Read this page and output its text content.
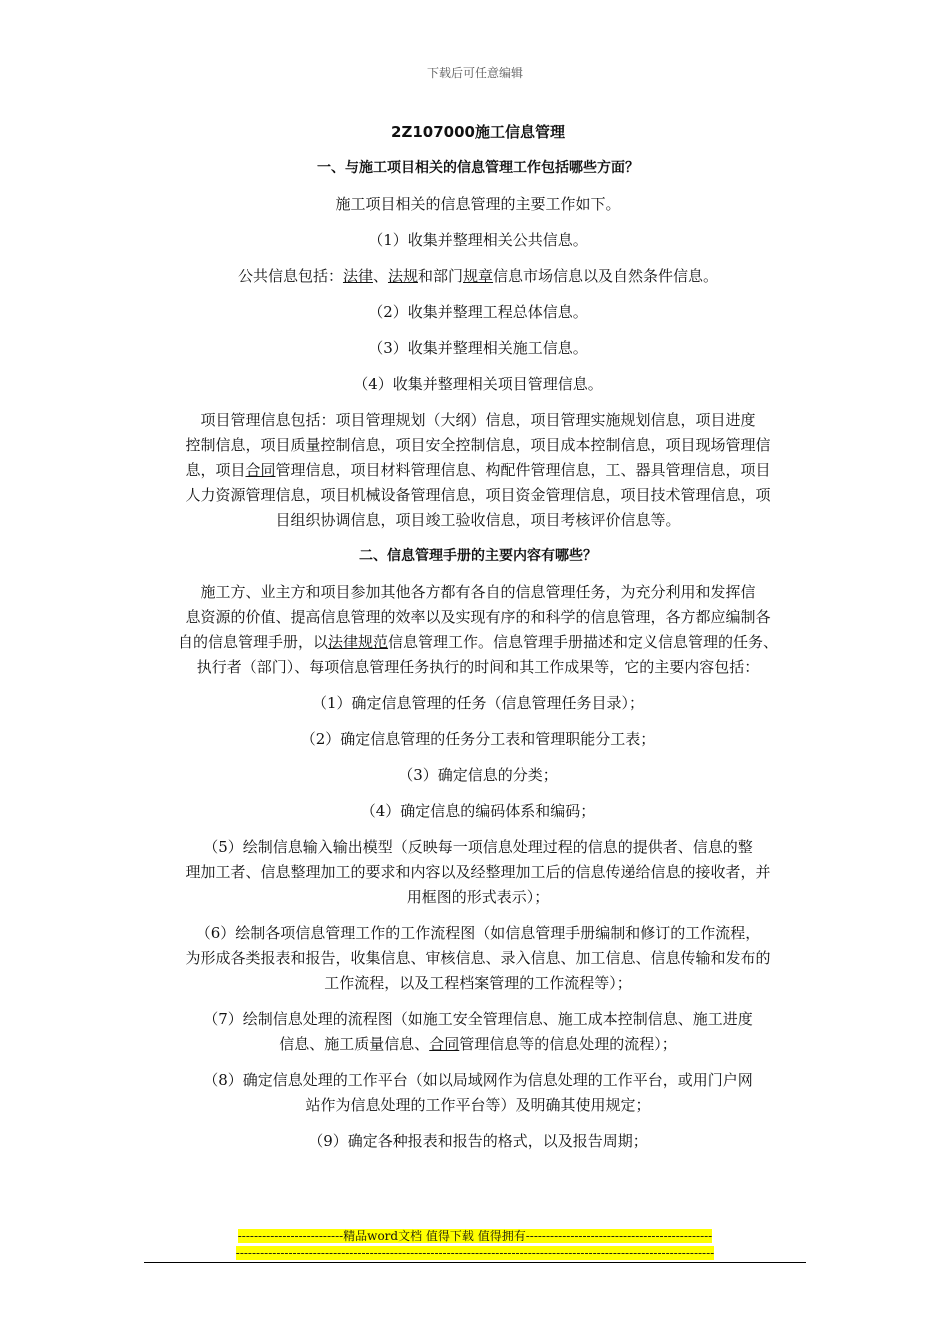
下载后可任意编辑

2Z107000施工信息管理

一、与施工项目相关的信息管理工作包括哪些方面？

施工项目相关的信息管理的主要工作如下。

（1）收集并整理相关公共信息。

公共信息包括：法律、法规和部门规章信息市场信息以及自然条件信息。

（2）收集并整理工程总体信息。

（3）收集并整理相关施工信息。

（4）收集并整理相关项目管理信息。

项目管理信息包括：项目管理规划（大纲）信息，项目管理实施规划信息，项目进度

控制信息，项目质量控制信息，项目安全控制信息，项目成本控制信息，项目现场管理信

息，项目合同管理信息，项目材料管理信息、构配件管理信息，工、器具管理信息，项目

人力资源管理信息，项目机械设备管理信息，项目资金管理信息，项目技术管理信息，项

目组织协调信息，项目竣工验收信息，项目考核评价信息等。

二、信息管理手册的主要内容有哪些？

施工方、业主方和项目参加其他各方都有各自的信息管理任务，为充分利用和发挥信

息资源的价值、提高信息管理的效率以及实现有序的和科学的信息管理，各方都应编制各

自的信息管理手册，以法律规范信息管理工作。信息管理手册描述和定义信息管理的任务、

执行者（部门）、每项信息管理任务执行的时间和其工作成果等，它的主要内容包括：

（1）确定信息管理的任务（信息管理任务目录）；

（2）确定信息管理的任务分工表和管理职能分工表；

（3）确定信息的分类；

（4）确定信息的编码体系和编码；

（5）绘制信息输入输出模型（反映每一项信息处理过程的信息的提供者、信息的整

理加工者、信息整理加工的要求和内容以及经整理加工后的信息传递给信息的接收者，并

用框图的形式表示）；

（6）绘制各项信息管理工作的工作流程图（如信息管理手册编制和修订的工作流程，

为形成各类报表和报告，收集信息、审核信息、录入信息、加工信息、信息传输和发布的

工作流程，以及工程档案管理的工作流程等）；

（7）绘制信息处理的流程图（如施工安全管理信息、施工成本控制信息、施工进度

信息、施工质量信息、合同管理信息等的信息处理的流程）；

（8）确定信息处理的工作平台（如以局域网作为信息处理的工作平台，或用门户网

站作为信息处理的工作平台等）及明确其使用规定；

（9）确定各种报表和报告的格式，以及报告周期；

--------------------------精品word文档 值得下载 值得拥有----------------------------------------------
----------------------------------------------------------------------------------------------------------------------
